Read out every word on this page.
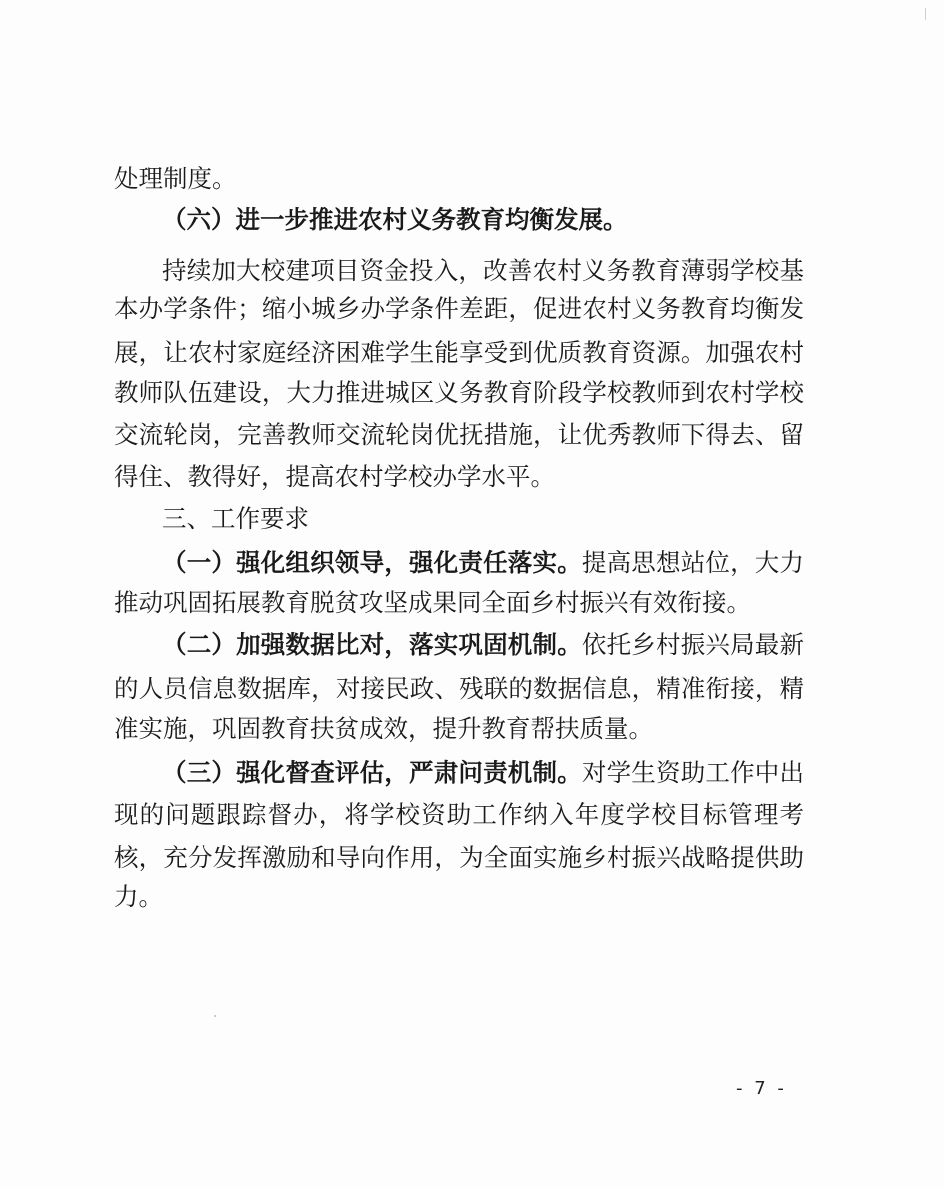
处理制度。
（六）进一步推进农村义务教育均衡发展。
持续加大校建项目资金投入，改善农村义务教育薄弱学校基
本办学条件；缩小城乡办学条件差距，促进农村义务教育均衡发
展，让农村家庭经济困难学生能享受到优质教育资源。加强农村
教师队伍建设，大力推进城区义务教育阶段学校教师到农村学校
交流轮岗，完善教师交流轮岗优抚措施，让优秀教师下得去、留
得住、教得好，提高农村学校办学水平。
三、工作要求
（一）强化组织领导，强化责任落实。提高思想站位，大力
推动巩固拓展教育脱贫攻坚成果同全面乡村振兴有效衔接。
（二）加强数据比对，落实巩固机制。依托乡村振兴局最新
的人员信息数据库，对接民政、残联的数据信息，精准衔接，精
准实施，巩固教育扶贫成效，提升教育帮扶质量。
（三）强化督查评估，严肃问责机制。对学生资助工作中出
现的问题跟踪督办，将学校资助工作纳入年度学校目标管理考
核，充分发挥激励和导向作用，为全面实施乡村振兴战略提供助
力。
- 7 -
